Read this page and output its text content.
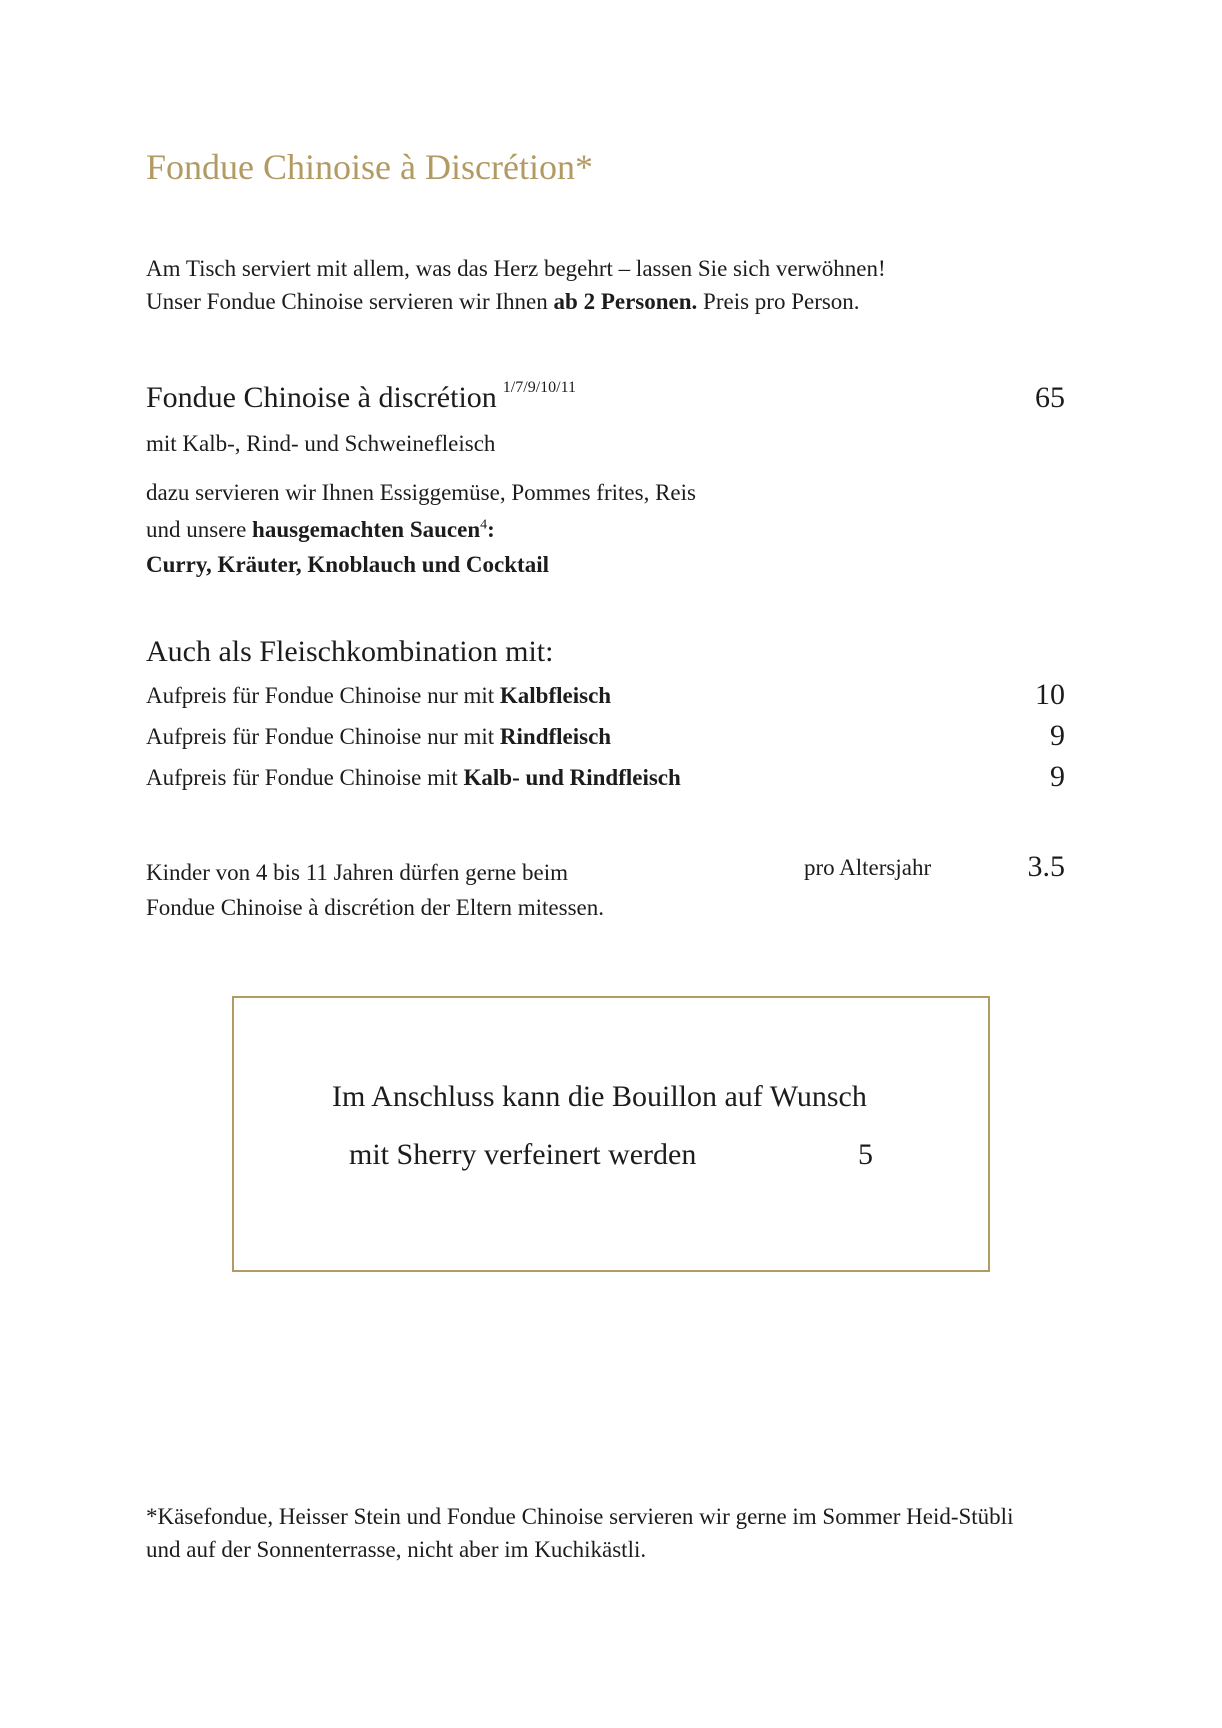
Fondue Chinoise à Discrétion*
Am Tisch serviert mit allem, was das Herz begehrt – lassen Sie sich verwöhnen!
Unser Fondue Chinoise servieren wir Ihnen ab 2 Personen. Preis pro Person.
Fondue Chinoise à discrétion $^{1/7/9/10/11}$	65
mit Kalb-, Rind- und Schweinefleisch
dazu servieren wir Ihnen Essiggemüse, Pommes frites, Reis
und unsere hausgemachten Saucen$^4$:
Curry, Kräuter, Knoblauch und Cocktail
Auch als Fleischkombination mit:
Aufpreis für Fondue Chinoise nur mit Kalbfleisch	10
Aufpreis für Fondue Chinoise nur mit Rindfleisch	9
Aufpreis für Fondue Chinoise mit Kalb- und Rindfleisch	9
Kinder von 4 bis 11 Jahren dürfen gerne beim
Fondue Chinoise à discrétion der Eltern mitessen.
pro Altersjahr	3.5
Im Anschluss kann die Bouillon auf Wunsch
mit Sherry verfeinert werden	5
*Käsefondue, Heisser Stein und Fondue Chinoise servieren wir gerne im Sommer Heid-Stübli
und auf der Sonnenterrasse, nicht aber im Kuchikästli.
